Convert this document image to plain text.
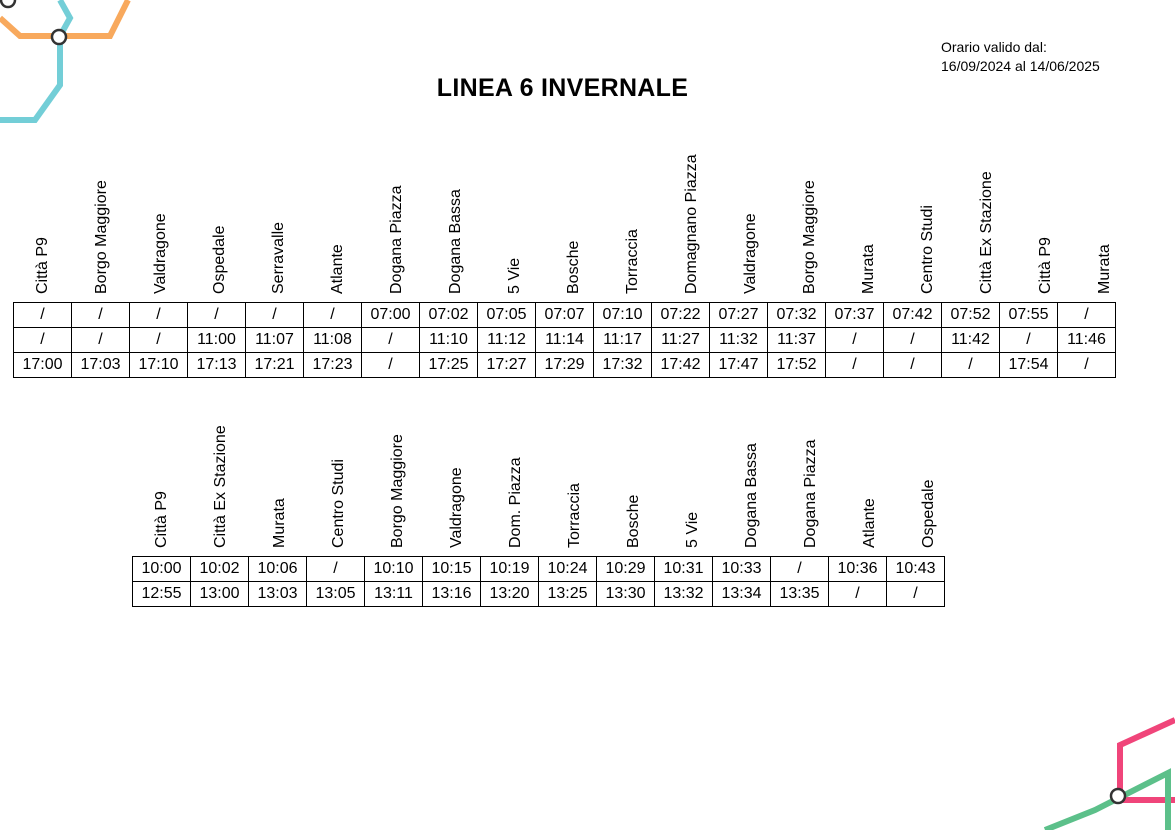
Orario valido dal:
16/09/2024 al 14/06/2025
LINEA 6 INVERNALE
Città P9	Borgo Maggiore	Valdragone	Ospedale	Serravalle	Atlante	Dogana Piazza	Dogana Bassa	5 Vie	Bosche	Torraccia	Domagnano Piazza	Valdragone	Borgo Maggiore	Murata	Centro Studi	Città Ex Stazione	Città P9	Murata
/	/	/	/	/	/	07:00	07:02	07:05	07:07	07:10	07:22	07:27	07:32	07:37	07:42	07:52	07:55	/
/	/	/	11:00	11:07	11:08	/	11:10	11:12	11:14	11:17	11:27	11:32	11:37	/	/	11:42	/	11:46
17:00	17:03	17:10	17:13	17:21	17:23	/	17:25	17:27	17:29	17:32	17:42	17:47	17:52	/	/	/	17:54	/
Città P9	Città Ex Stazione	Murata	Centro Studi	Borgo Maggiore	Valdragone	Dom. Piazza	Torraccia	Bosche	5 Vie	Dogana Bassa	Dogana Piazza	Atlante	Ospedale
10:00	10:02	10:06	/	10:10	10:15	10:19	10:24	10:29	10:31	10:33	/	10:36	10:43
12:55	13:00	13:03	13:05	13:11	13:16	13:20	13:25	13:30	13:32	13:34	13:35	/	/
